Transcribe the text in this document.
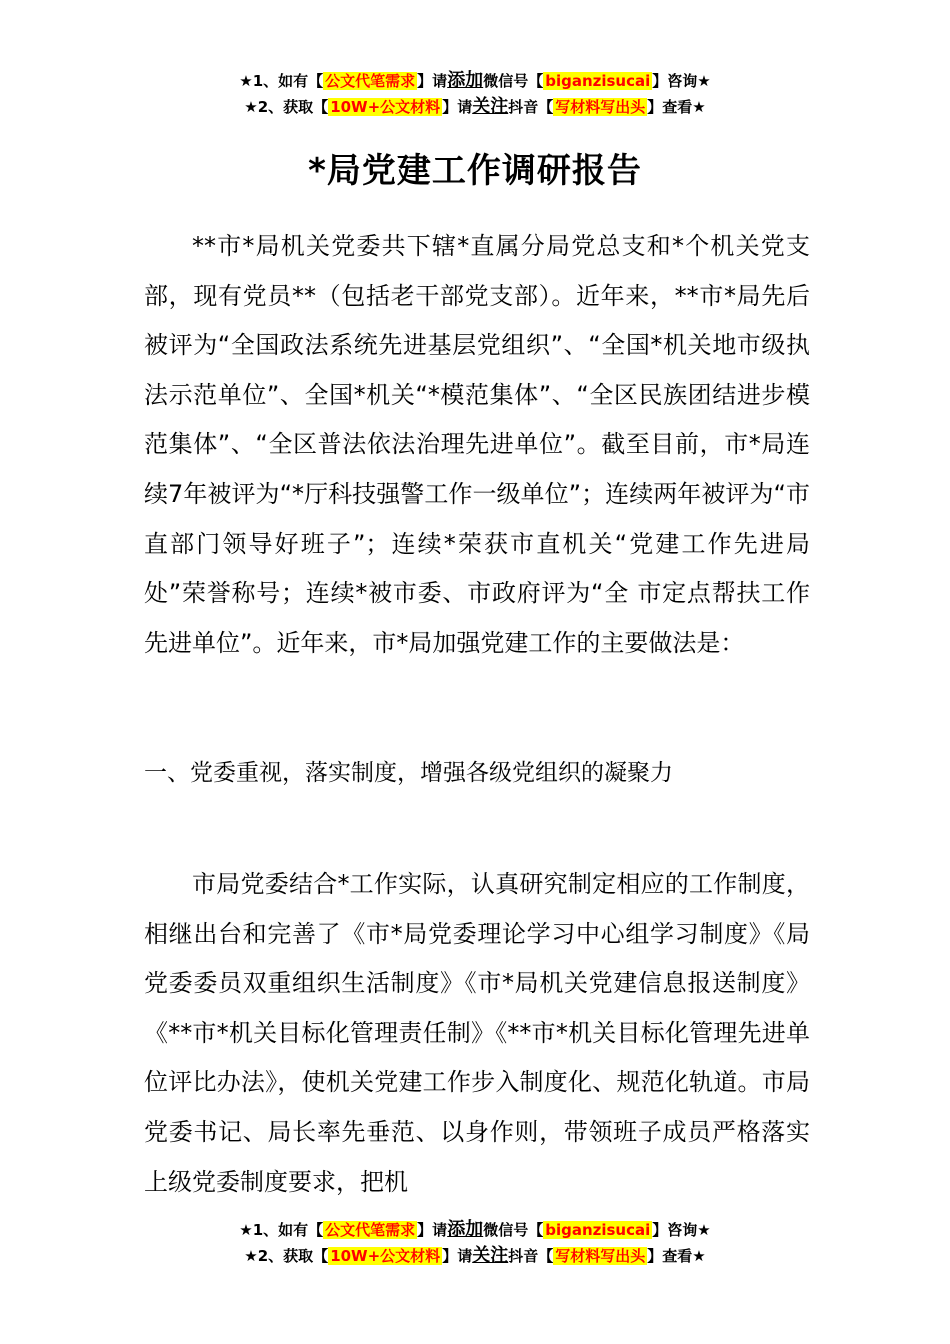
★1、如有【 公文代笔需求 】请添加微信号【 biganzisucai 】咨询★
★2、获取【 10W+公文材料 】请关注抖音【 写材料写出头 】查看★
*局党建工作调研报告
**市*局机关党委共下辖*直属分局党总支和*个机关党支部，现有党员**（包括老干部党支部）。近年来，**市*局先后被评为“全国政法系统先进基层党组织”、“全国*机关地市级执法示范单位”、全国*机关“*模范集体”、“全区民族团结进步模范集体”、“全区普法依法治理先进单位”。截至目前，市*局连续7年被评为“*厅科技强警工作一级单位”；连续两年被评为“市直部门领导好班子”；连续*荣获市直机关“党建工作先进局处”荣誉称号；连续*被市委、市政府评为“全 市定点帮扶工作先进单位”。近年来，市*局加强党建工作的主要做法是：
一、党委重视，落实制度，增强各级党组织的凝聚力
市局党委结合*工作实际，认真研究制定相应的工作制度，相继出台和完善了《市*局党委理论学习中心组学习制度》《局党委委员双重组织生活制度》《市*局机关党建信息报送制度》《**市*机关目标化管理责任制》《**市*机关目标化管理先进单位评比办法》，使机关党建工作步入制度化、规范化轨道。市局党委书记、局长率先垂范、以身作则，带领班子成员严格落实上级党委制度要求，把机
★1、如有【 公文代笔需求 】请添加微信号【 biganzisucai 】咨询★
★2、获取【 10W+公文材料 】请关注抖音【 写材料写出头 】查看★
